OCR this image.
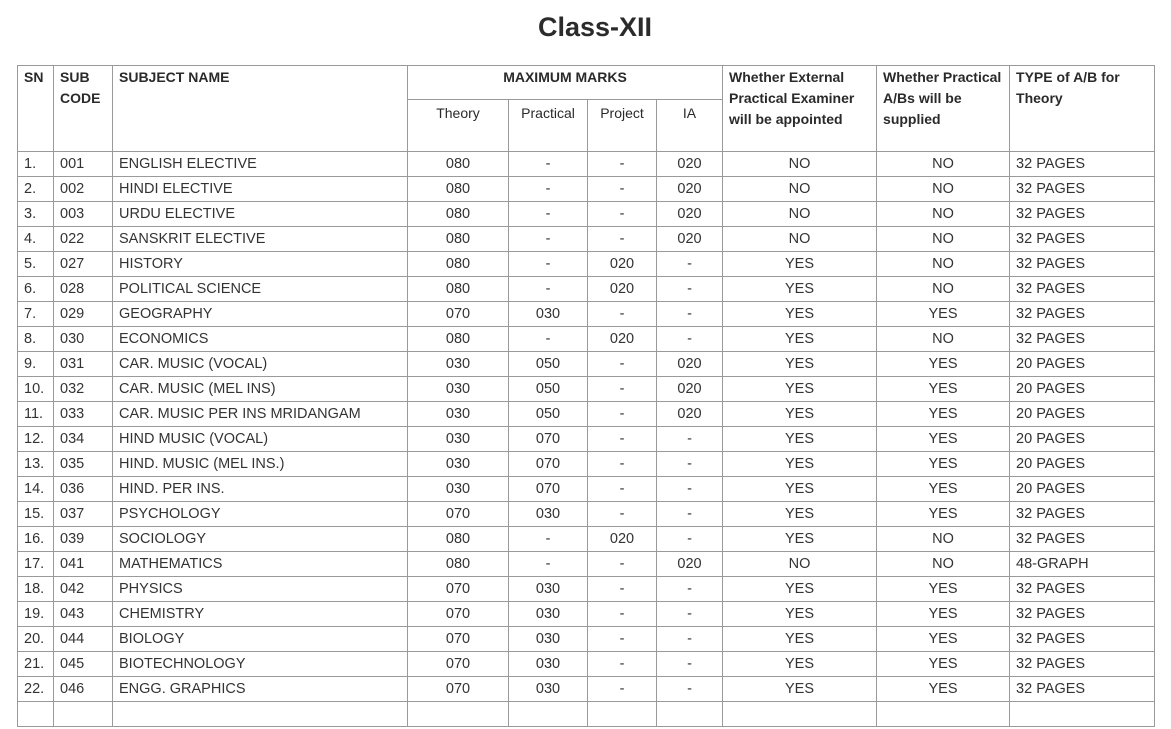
Class-XII
SN	SUB CODE	SUBJECT NAME	MAXIMUM MARKS				Whether External Practical Examiner will be appointed	Whether Practical A/Bs will be supplied	TYPE of A/B for Theory
			Theory	Practical	Project	IA			
1.	001	ENGLISH ELECTIVE	080	-	-	020	NO	NO	32 PAGES
2.	002	HINDI ELECTIVE	080	-	-	020	NO	NO	32 PAGES
3.	003	URDU ELECTIVE	080	-	-	020	NO	NO	32 PAGES
4.	022	SANSKRIT ELECTIVE	080	-	-	020	NO	NO	32 PAGES
5.	027	HISTORY	080	-	020	-	YES	NO	32 PAGES
6.	028	POLITICAL SCIENCE	080	-	020	-	YES	NO	32 PAGES
7.	029	GEOGRAPHY	070	030	-	-	YES	YES	32 PAGES
8.	030	ECONOMICS	080	-	020	-	YES	NO	32 PAGES
9.	031	CAR. MUSIC (VOCAL)	030	050	-	020	YES	YES	20 PAGES
10.	032	CAR. MUSIC (MEL INS)	030	050	-	020	YES	YES	20 PAGES
11.	033	CAR. MUSIC PER INS MRIDANGAM	030	050	-	020	YES	YES	20 PAGES
12.	034	HIND MUSIC (VOCAL)	030	070	-	-	YES	YES	20 PAGES
13.	035	HIND. MUSIC (MEL INS.)	030	070	-	-	YES	YES	20 PAGES
14.	036	HIND. PER INS.	030	070	-	-	YES	YES	20 PAGES
15.	037	PSYCHOLOGY	070	030	-	-	YES	YES	32 PAGES
16.	039	SOCIOLOGY	080	-	020	-	YES	NO	32 PAGES
17.	041	MATHEMATICS	080	-	-	020	NO	NO	48-GRAPH
18.	042	PHYSICS	070	030	-	-	YES	YES	32 PAGES
19.	043	CHEMISTRY	070	030	-	-	YES	YES	32 PAGES
20.	044	BIOLOGY	070	030	-	-	YES	YES	32 PAGES
21.	045	BIOTECHNOLOGY	070	030	-	-	YES	YES	32 PAGES
22.	046	ENGG. GRAPHICS	070	030	-	-	YES	YES	32 PAGES
